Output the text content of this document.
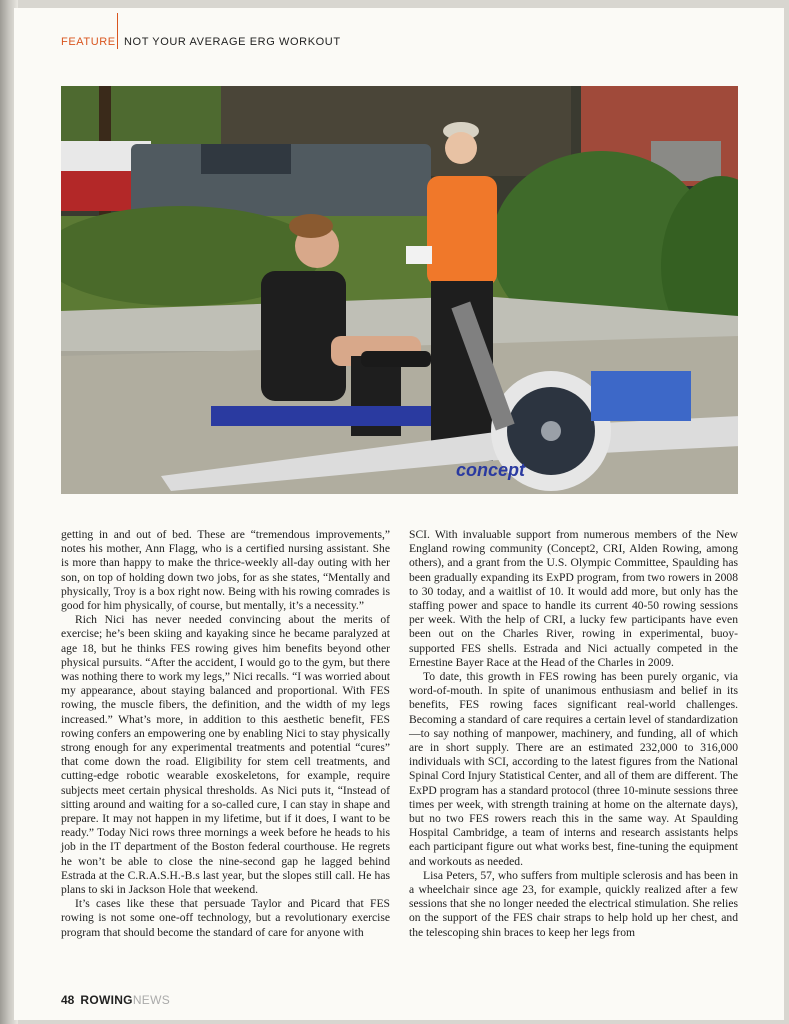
FEATURE NOT YOUR AVERAGE ERG WORKOUT
concept

getting in and out of bed. These are “tremendous improvements,” notes his mother, Ann Flagg, who is a certified nursing assistant. She is more than happy to make the thrice-weekly all-day outing with her son, on top of holding down two jobs, for as she states, “Mentally and physically, Troy is a box right now. Being with his rowing comrades is good for him physically, of course, but mentally, it’s a necessity.”

Rich Nici has never needed convincing about the merits of exercise; he’s been skiing and kayaking since he became paralyzed at age 18, but he thinks FES rowing gives him benefits beyond other physical pursuits. “After the accident, I would go to the gym, but there was nothing there to work my legs,” Nici recalls. “I was worried about my appearance, about staying balanced and proportional. With FES rowing, the muscle fibers, the definition, and the width of my legs increased.” What’s more, in addition to this aesthetic benefit, FES rowing confers an empowering one by enabling Nici to stay physically strong enough for any experimental treatments and potential “cures” that come down the road. Eligibility for stem cell treatments, and cutting-edge robotic wearable exoskeletons, for example, require subjects meet certain physical thresholds. As Nici puts it, “Instead of sitting around and waiting for a so-called cure, I can stay in shape and prepare. It may not happen in my lifetime, but if it does, I want to be ready.” Today Nici rows three mornings a week before he heads to his job in the IT department of the Boston federal courthouse. He regrets he won’t be able to close the nine-second gap he lagged behind Estrada at the C.R.A.S.H.-B.s last year, but the slopes still call. He has plans to ski in Jackson Hole that weekend.

It’s cases like these that persuade Taylor and Picard that FES rowing is not some one-off technology, but a revolutionary exercise program that should become the standard of care for anyone with

SCI. With invaluable support from numerous members of the New England rowing community (Concept2, CRI, Alden Rowing, among others), and a grant from the U.S. Olympic Committee, Spaulding has been gradually expanding its ExPD program, from two rowers in 2008 to 30 today, and a waitlist of 10. It would add more, but only has the staffing power and space to handle its current 40-50 rowing sessions per week. With the help of CRI, a lucky few participants have even been out on the Charles River, rowing in experimental, buoy-supported FES shells. Estrada and Nici actually competed in the Ernestine Bayer Race at the Head of the Charles in 2009.

To date, this growth in FES rowing has been purely organic, via word-of-mouth. In spite of unanimous enthusiasm and belief in its benefits, FES rowing faces significant real-world challenges. Becoming a standard of care requires a certain level of standardization—to say nothing of manpower, machinery, and funding, all of which are in short supply. There are an estimated 232,000 to 316,000 individuals with SCI, according to the latest figures from the National Spinal Cord Injury Statistical Center, and all of them are different. The ExPD program has a standard protocol (three 10-minute sessions three times per week, with strength training at home on the alternate days), but no two FES rowers reach this in the same way. At Spaulding Hospital Cambridge, a team of interns and research assistants helps each participant figure out what works best, fine-tuning the equipment and workouts as needed.

Lisa Peters, 57, who suffers from multiple sclerosis and has been in a wheelchair since age 23, for example, quickly realized after a few sessions that she no longer needed the electrical stimulation. She relies on the support of the FES chair straps to help hold up her chest, and the telescoping shin braces to keep her legs from

48 ROWINGNEWS
